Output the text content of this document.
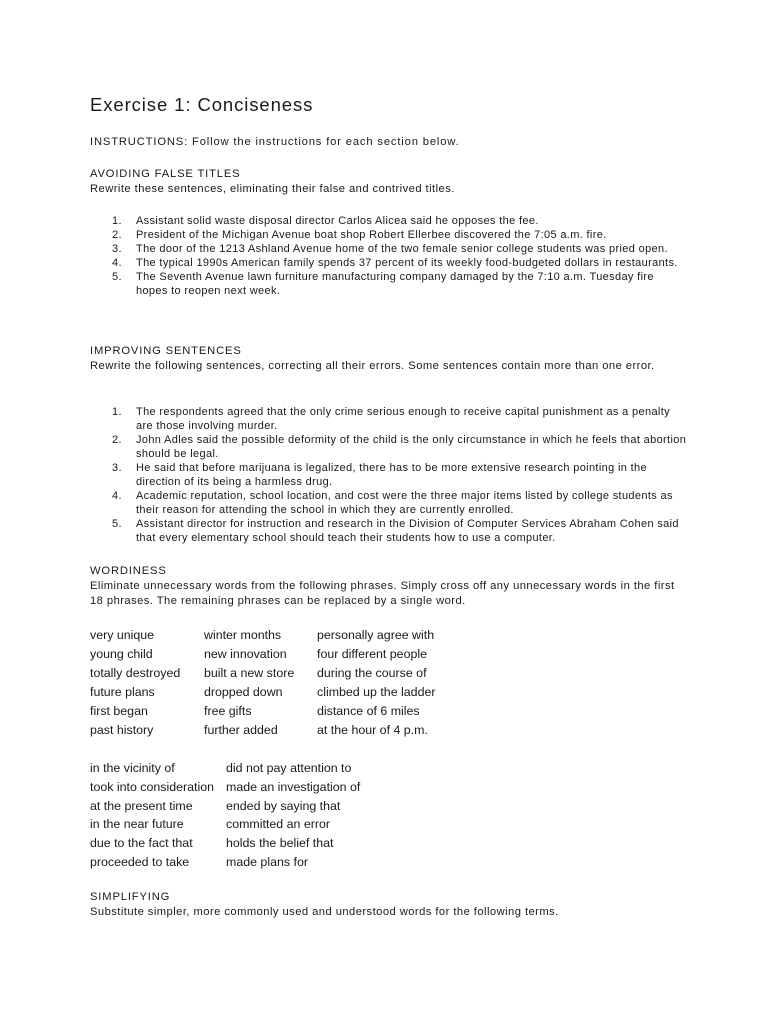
Exercise 1: Conciseness
INSTRUCTIONS: Follow the instructions for each section below.
AVOIDING FALSE TITLES
Rewrite these sentences, eliminating their false and contrived titles.
1. Assistant solid waste disposal director Carlos Alicea said he opposes the fee.
2. President of the Michigan Avenue boat shop Robert Ellerbee discovered the 7:05 a.m. fire.
3. The door of the 1213 Ashland Avenue home of the two female senior college students was pried open.
4. The typical 1990s American family spends 37 percent of its weekly food-budgeted dollars in restaurants.
5. The Seventh Avenue lawn furniture manufacturing company damaged by the 7:10 a.m. Tuesday fire hopes to reopen next week.
IMPROVING SENTENCES
Rewrite the following sentences, correcting all their errors. Some sentences contain more than one error.
1. The respondents agreed that the only crime serious enough to receive capital punishment as a penalty are those involving murder.
2. John Adles said the possible deformity of the child is the only circumstance in which he feels that abortion should be legal.
3. He said that before marijuana is legalized, there has to be more extensive research pointing in the direction of its being a harmless drug.
4. Academic reputation, school location, and cost were the three major items listed by college students as their reason for attending the school in which they are currently enrolled.
5. Assistant director for instruction and research in the Division of Computer Services Abraham Cohen said that every elementary school should teach their students how to use a computer.
WORDINESS
Eliminate unnecessary words from the following phrases. Simply cross off any unnecessary words in the first 18 phrases. The remaining phrases can be replaced by a single word.
very unique
young child
totally destroyed
future plans
first began
past history
winter months
new innovation
built a new store
dropped down
free gifts
further added
personally agree with
four different people
during the course of
climbed up the ladder
distance of 6 miles
at the hour of 4 p.m.
in the vicinity of
took into consideration
at the present time
in the near future
due to the fact that
proceeded to take
did not pay attention to
made an investigation of
ended by saying that
committed an error
holds the belief that
made plans for
SIMPLIFYING
Substitute simpler, more commonly used and understood words for the following terms.
